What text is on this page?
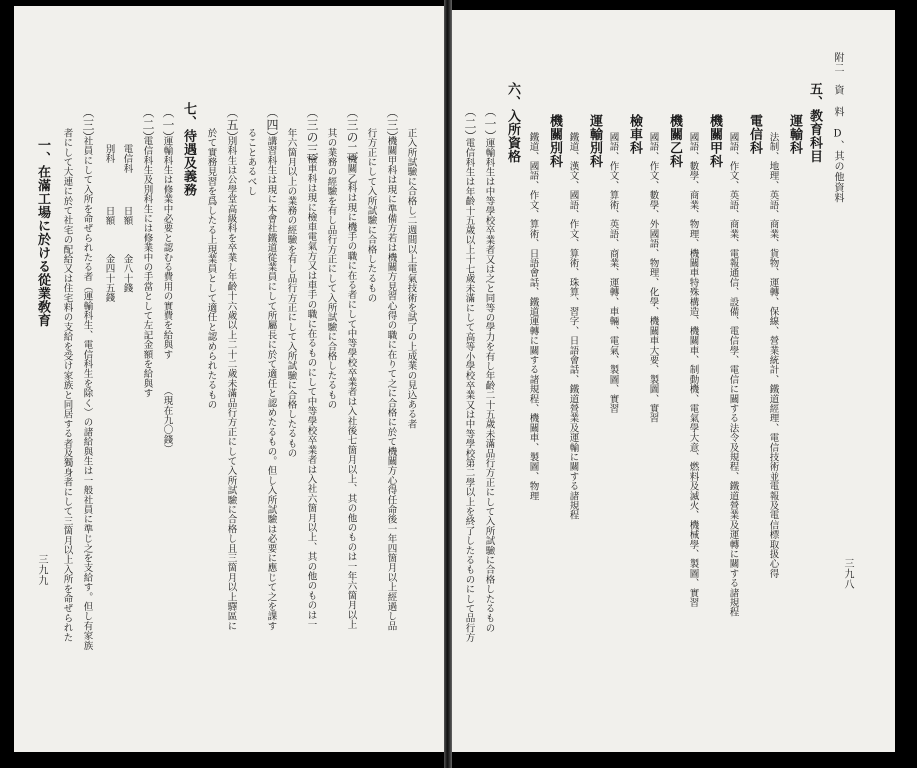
附二 資 料 D、其の他資料
三九八
五、教育科目
運輸科
法制、地理、英語、商業、貨物、運轉、保線、營業統計、鐵道經理、電信技術並電報及電信標取扱心得
電信科
國語、作文、英語、商業、電報通信、設備、電信學、電信に關する法令及規程、鐵道營業及運轉に關する諸規程
機關甲科
國語、數學、商業、物理、機關車特殊構造、機關車、制動機、電氣學大意、燃料及滅火、機械學、製圖、實習
機關乙科
國語、作文、數學、外國語、物理、化學、機關車大要、製圖、實習
檢車科
國語、作文、算術、英語、商業、運轉、車輛、電氣、製圖、實習
運輸別科
鐵道、漢文、國語、作文、算術、珠算、習字、日語會話、鐵道營業及運輸に關する諸規程
機關別科
鐵道、國語、作文、算術、日語會話、鐵道運轉に關する諸規程、機關車、製圖、物理
六、入所資格
（一）
運輸科生は中等學校卒業者又は之と同等の學力を有し年齡二十五歲未滿品行方正にして入所試驗に合格したるもの
（二）
電信科生は年齡十五歲以上十七歲未滿にして高等小學校卒業又は中等學校第二學以上を終了したるものにして品行方
正入所試驗に合格し二週間以上電氣技術を試了の上成業の見込ある者
（三）
機關甲科は現に準備方若は機關方見習心得の職に在りて之に合格に於て機關方心得任命後一年四箇月以上經過し品
行方正にして入所試驗に合格したるもの
（三の二）
機關乙科は現に機手の職に在る者にして中等學校卒業者は入社後七箇月以上、其の他のものは一年六箇月以上
其の業務の經驗を有し品行方正にして入所試驗に合格したるもの
（三の三）
檢車科は現に檢車電氣方又は車手の職に在るものにして中等學校卒業者は入社六箇月以上、其の他のものは一
年六箇月以上の業務の經驗を有し品行方正にして入所試驗に合格したるもの
（四）
講習科生は現に本會社鐵道從業員にして所屬長に於て適任と認めたるもの。但し入所試驗は必要に應じて之を課す
ることあるべし
（五）
別科生は公學堂高級科を卒業し年齡十六歲以上二十二歲未滿品行方正にして入所試驗に合格し且三箇月以上驛區に
於て實務見習を爲したる上現業員として適任と認められたるもの
七、待遇及義務
（一）
運輸科生は修業中必要と認むる費用の實費を給與す
（現在九〇錢）
（二）
電信科生及別科生には修業中の手當として左記金額を給與す
電信科
日額
金八十錢
別科
日額
金四十五錢
（三）
社員にして入所を命ぜられたる者（運輸科生、電信科生を除く）の諸給與生は一般社員に準じ之を支給す。但し有家族
者にして大連に於て社宅の配給又は住宅料の支給を受け家族と同居する者及獨身者にして三箇月以上入所を命ぜられた
一、在滿工場に於ける從業敎育
三九九
